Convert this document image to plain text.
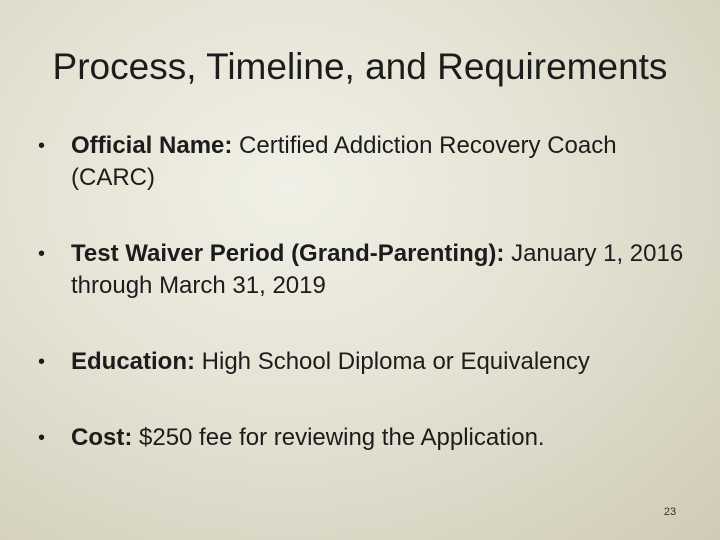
Process, Timeline, and Requirements
•	Official Name: Certified Addiction Recovery Coach (CARC)
•	Test Waiver Period (Grand-Parenting): January 1, 2016 through March 31, 2019
•	Education: High School Diploma or Equivalency
•	Cost: $250 fee for reviewing the Application.
23
